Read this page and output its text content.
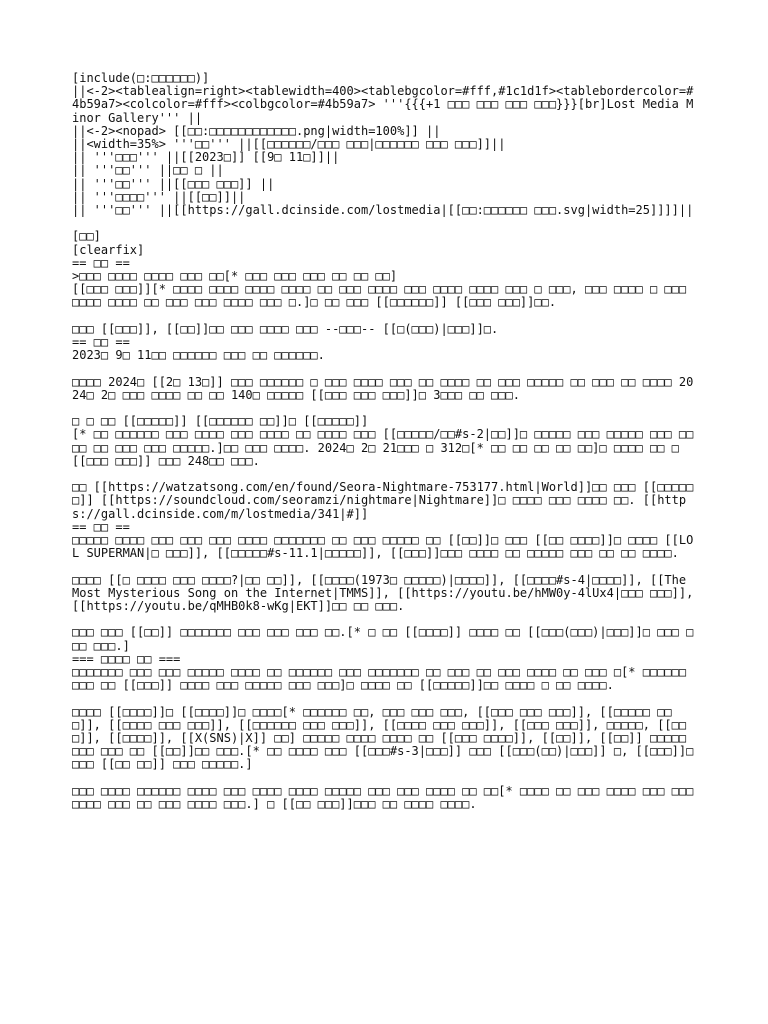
[include(□:□□□□□□)]
||<-2><tablealign=right><tablewidth=400><tablebgcolor=#fff,#1c1d1f><tablebordercolor=#4b59a7><colcolor=#fff><colbgcolor=#4b59a7> '''{{{+1 □□□ □□□ □□□ □□□}}}[br]Lost Media Minor Gallery''' ||
||<-2><nopad> [[□□:□□□□□□□□□□□□.png|width=100%]] ||
||<width=35%> '''□□''' ||[[□□□□□□/□□□ □□□|□□□□□□ □□□ □□□]]||
|| '''□□□''' ||[[2023□]] [[9□ 11□]]||
|| '''□□''' ||□□ □ ||
|| '''□□''' ||[[□□□ □□□]] ||
|| '''□□□□''' ||[[□□]]||
|| '''□□''' ||[[https://gall.dcinside.com/lostmedia|[[□□:□□□□□□ □□□.svg|width=25]]]]||
[□□]
[clearfix]
== □□ ==
>□□□ □□□□ □□□□ □□□ □□[* □□□ □□□ □□□ □□ □□ □□]
[[□□□ □□□]][* □□□□ □□□□ □□□□ □□□□ □□ □□□ □□□□ □□□ □□□□ □□□□ □□□ □ □□□, □□□ □□□□ □ □□□ □□□□ □□□□ □□ □□□ □□□ □□□□ □□□ □.]□ □□ □□□ [[□□□□□□]] [[□□□ □□□]]□□.
□□□ [[□□□]], [[□□]]□□ □□□ □□□□ □□□ --□□□-- [[□(□□□)|□□□]]□.
== □□ ==
2023□ 9□ 11□□ □□□□□□ □□□ □□ □□□□□□.
□□□□ 2024□ [[2□ 13□]] □□□ □□□□□□ □ □□□ □□□□ □□□ □□ □□□□ □□ □□□ □□□□□ □□ □□□ □□ □□□□ 2024□ 2□ □□□ □□□□ □□ □□ 140□ □□□□□ [[□□□ □□□ □□□]]□ 3□□□ □□ □□□.
□ □ □□ [[□□□□□]] [[□□□□□□ □□]]□ [[□□□□□]]
[* □□ □□□□□□ □□□ □□□□ □□□ □□□□ □□ □□□□ □□□ [[□□□□□/□□#s-2|□□]]□ □□□□□ □□□ □□□□□ □□□ □□□□ □□ □□□ □□□ □□□□□.]□□ □□□ □□□□. 2024□ 2□ 21□□□ □ 312□[* □□ □□ □□ □□ □□]□ □□□□ □□ □ [[□□□ □□□]] □□□ 248□□ □□□.
□□ [[https://watzatsong.com/en/found/Seora-Nightmare-753177.html|World]]□□ □□□ [[□□□□□□]] [[https://soundcloud.com/seoramzi/nightmare|Nightmare]]□ □□□□ □□□ □□□□ □□. [[https://gall.dcinside.com/m/lostmedia/341|#]]
== □□ ==
□□□□□ □□□□ □□□ □□□ □□□ □□□□ □□□□□□□ □□ □□□ □□□□□ □□ [[□□]]□ □□□ [[□□ □□□□]]□ □□□□ [[LOL SUPERMAN|□ □□□]], [[□□□□□#s-11.1|□□□□□]], [[□□□]]□□□ □□□□ □□ □□□□□ □□□ □□ □□ □□□□.
□□□□ [[□ □□□□ □□□ □□□□?|□□ □□]], [[□□□□(1973□ □□□□□)|□□□□]], [[□□□□#s-4|□□□□]], [[The Most Mysterious Song on the Internet|TMMS]], [[https://youtu.be/hMW0y-4lUx4|□□□ □□□]], [[https://youtu.be/qMHB0k8-wKg|EKT]]□□ □□ □□□.
□□□ □□□ [[□□]] □□□□□□□ □□□ □□□ □□□ □□.[* □ □□ [[□□□□]] □□□□ □□ [[□□□(□□□)|□□□]]□ □□□ □□□ □□□.]
=== □□□□ □□ ===
□□□□□□□ □□□ □□□ □□□□□ □□□□ □□ □□□□□□ □□□ □□□□□□□ □□ □□□ □□ □□□ □□□□ □□ □□□ □[* □□□□□□ □□□ □□ [[□□□]] □□□□ □□□ □□□□□ □□□ □□□]□ □□□□ □□ [[□□□□□]]□□ □□□□ □ □□ □□□□.
□□□□ [[□□□□]]□ [[□□□□]]□ □□□□[* □□□□□□ □□, □□□ □□□ □□□, [[□□□ □□□ □□□]], [[□□□□□ □□□]], [[□□□□ □□□ □□□]], [[□□□□□□ □□□ □□□]], [[□□□□ □□□ □□□]], [[□□□ □□□]], □□□□□, [[□□□]], [[□□□□]], [[X(SNS)|X]] □□] □□□□□ □□□□ □□□□ □□ [[□□□ □□□□]], [[□□]], [[□□]] □□□□□ □□□ □□□ □□ [[□□]]□□ □□□.[* □□ □□□□ □□□ [[□□□#s-3|□□□]] □□□ [[□□□(□□)|□□□]] □, [[□□□]]□ □□□ [[□□ □□]] □□□ □□□□□.]
□□□ □□□□ □□□□□□ □□□□ □□□ □□□□ □□□□ □□□□□ □□□ □□□ □□□□ □□ □□[* □□□□ □□ □□□ □□□□ □□□ □□□ □□□□ □□□ □□ □□□ □□□□ □□□.] □ [[□□ □□□]]□□□ □□ □□□□ □□□□.
